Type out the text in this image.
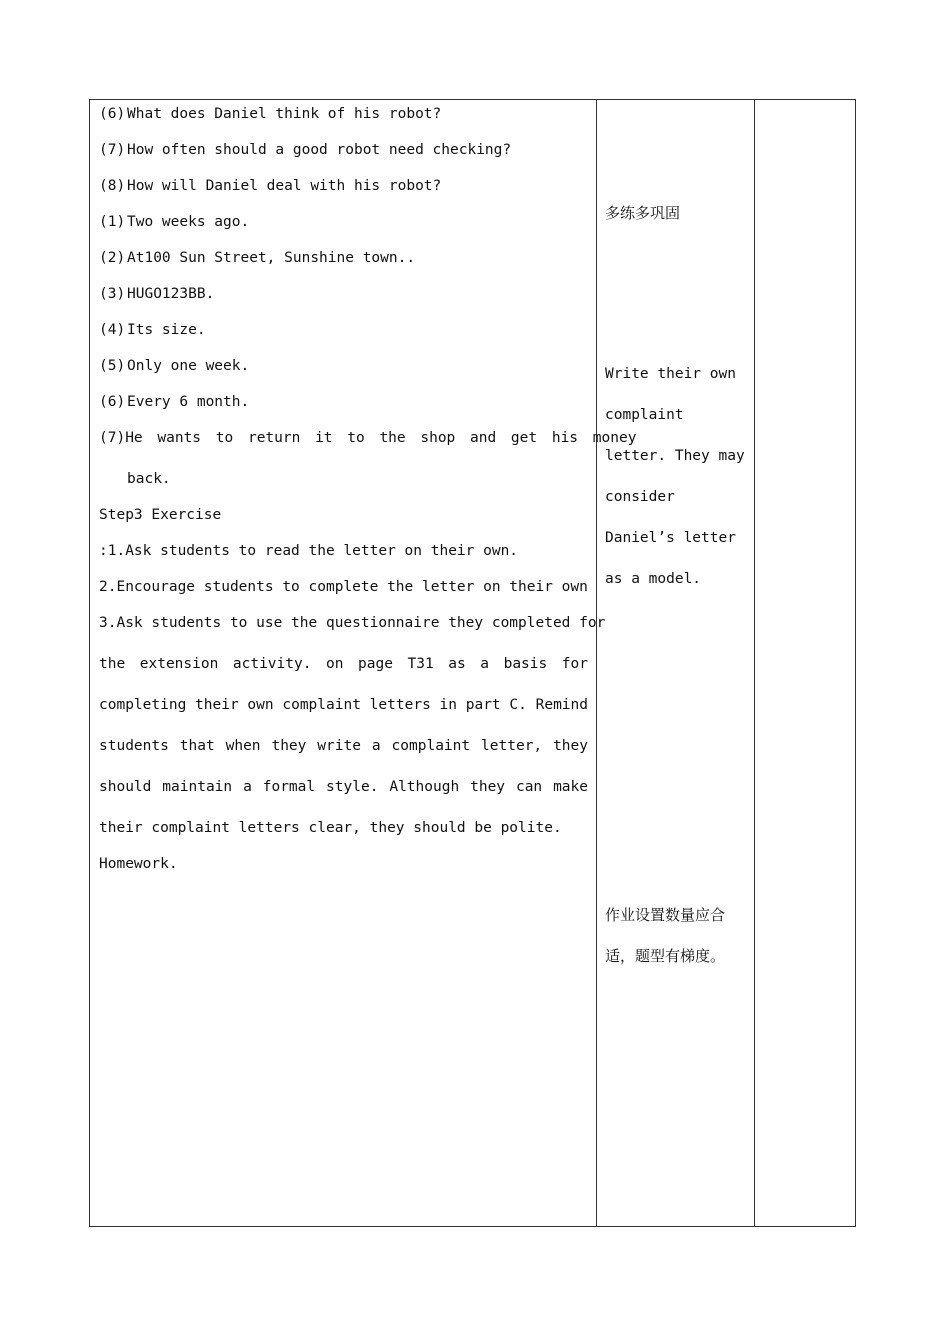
(6) What does Daniel think of his robot?
(7) How often should a good robot need checking?
(8) How will Daniel deal with his robot?
(1) Two weeks ago.
(2) At100 Sun Street, Sunshine town..
(3) HUGO123BB.
(4) Its size.
(5) Only one week.
(6) Every 6 month.
(7) He wants to return it to the shop and get his money
back.
Step3 Exercise
:1.Ask students to read the letter on their own.
2.Encourage students to complete the letter on their own
3.Ask students to use the questionnaire they completed for
the extension activity. on page T31 as a basis for
completing their own complaint letters in part C. Remind
students that when they write a complaint letter, they
should maintain a formal style. Although they can make
their complaint letters clear, they should be polite.
Homework.
多练多巩固
Write their own
complaint
letter. They may
consider
Daniel’s letter
as a model.
作业设置数量应合
适，题型有梯度。
